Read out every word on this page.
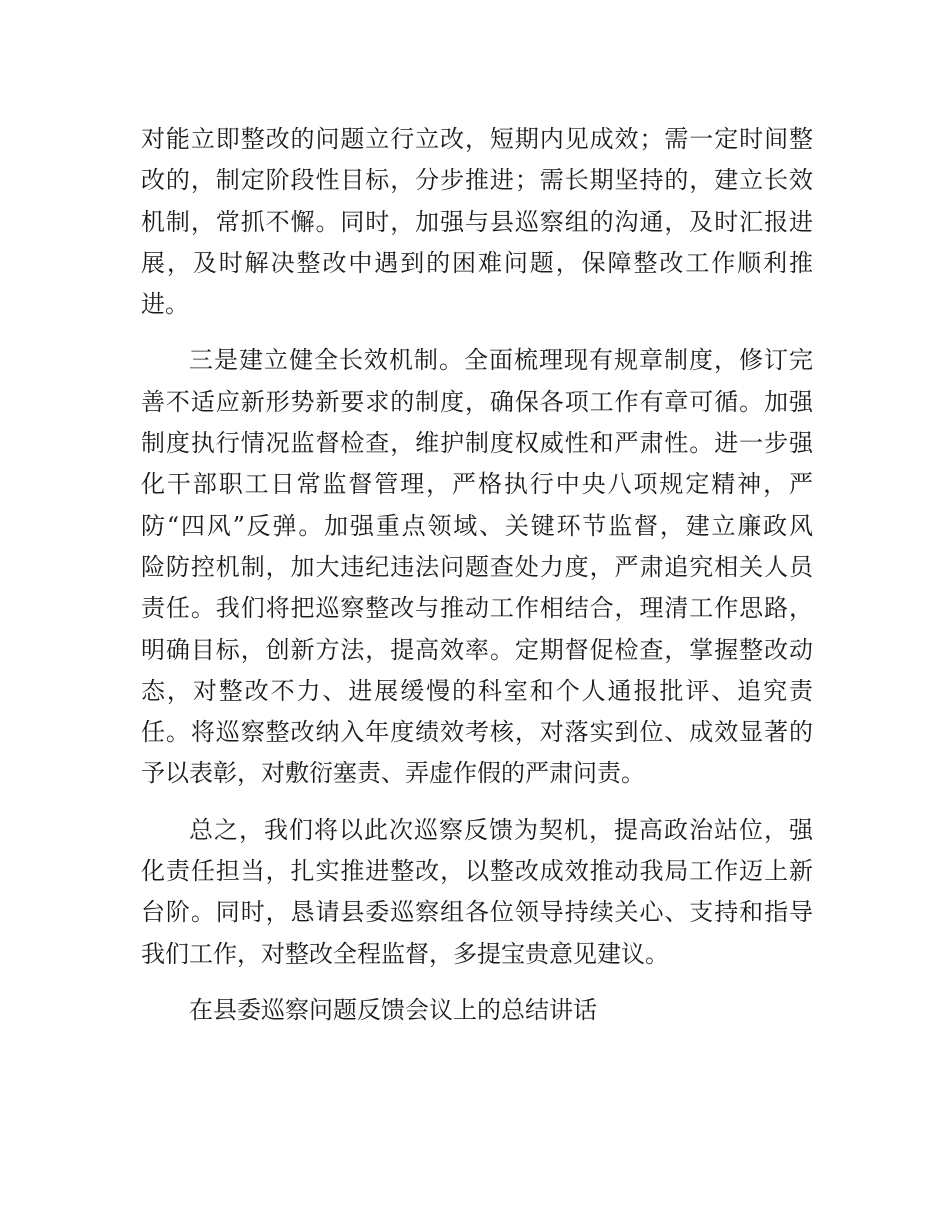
对能立即整改的问题立行立改，短期内见成效；需一定时间整
改的，制定阶段性目标，分步推进；需长期坚持的，建立长效
机制，常抓不懈。同时，加强与县巡察组的沟通，及时汇报进
展，及时解决整改中遇到的困难问题，保障整改工作顺利推
进。
三是建立健全长效机制。全面梳理现有规章制度，修订完
善不适应新形势新要求的制度，确保各项工作有章可循。加强
制度执行情况监督检查，维护制度权威性和严肃性。进一步强
化干部职工日常监督管理，严格执行中央八项规定精神，严
防“四风”反弹。加强重点领域、关键环节监督，建立廉政风
险防控机制，加大违纪违法问题查处力度，严肃追究相关人员
责任。我们将把巡察整改与推动工作相结合，理清工作思路，
明确目标，创新方法，提高效率。定期督促检查，掌握整改动
态，对整改不力、进展缓慢的科室和个人通报批评、追究责
任。将巡察整改纳入年度绩效考核，对落实到位、成效显著的
予以表彰，对敷衍塞责、弄虚作假的严肃问责。
总之，我们将以此次巡察反馈为契机，提高政治站位，强
化责任担当，扎实推进整改，以整改成效推动我局工作迈上新
台阶。同时，恳请县委巡察组各位领导持续关心、支持和指导
我们工作，对整改全程监督，多提宝贵意见建议。
在县委巡察问题反馈会议上的总结讲话
